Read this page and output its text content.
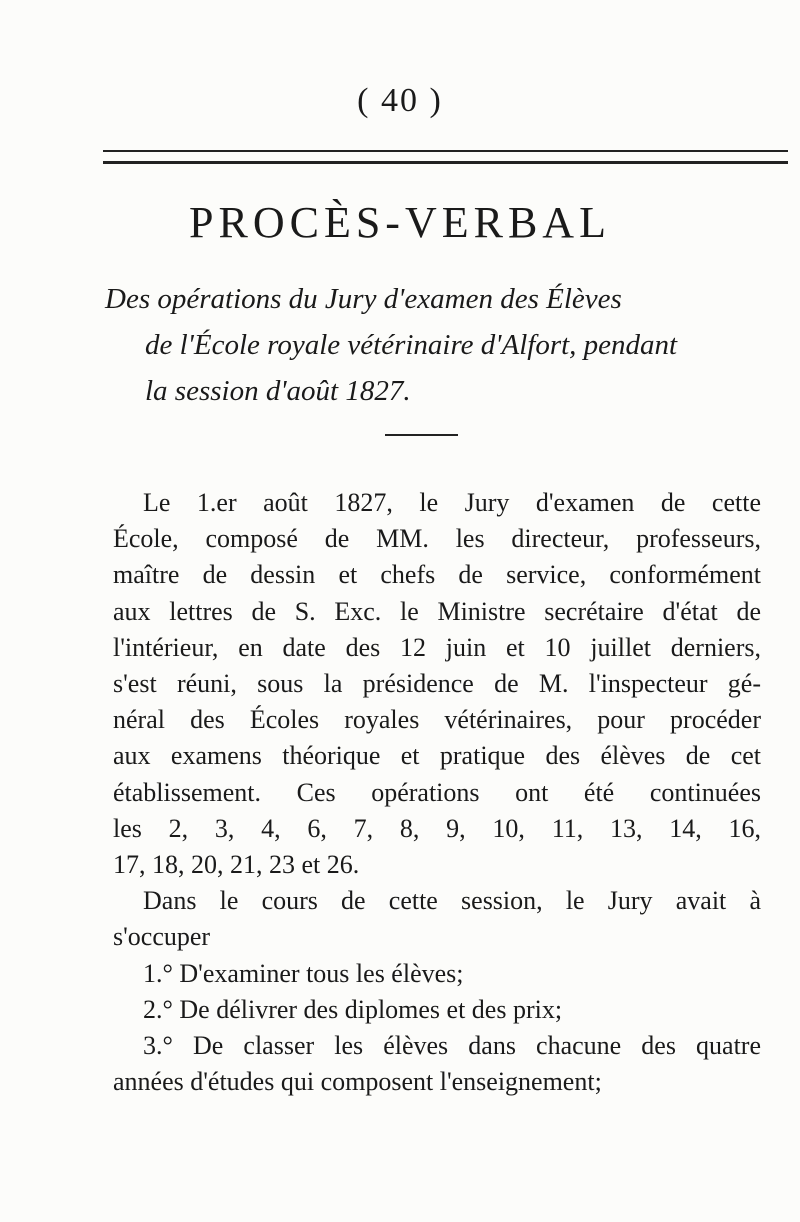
( 40 )
PROCÈS-VERBAL
Des opérations du Jury d'examen des Élèves
de l'École royale vétérinaire d'Alfort, pendant
la session d'août 1827.

Le 1.er août 1827, le Jury d'examen de cette
École, composé de MM. les directeur, professeurs,
maître de dessin et chefs de service, conformément
aux lettres de S. Exc. le Ministre secrétaire d'état de
l'intérieur, en date des 12 juin et 10 juillet derniers,
s'est réuni, sous la présidence de M. l'inspecteur gé-
néral des Écoles royales vétérinaires, pour procéder
aux examens théorique et pratique des élèves de cet
établissement. Ces opérations ont été continuées
les 2, 3, 4, 6, 7, 8, 9, 10, 11, 13, 14, 16,
17, 18, 20, 21, 23 et 26.

Dans le cours de cette session, le Jury avait à
s'occuper

1.° D'examiner tous les élèves;
2.° De délivrer des diplomes et des prix;
3.° De classer les élèves dans chacune des quatre
années d'études qui composent l'enseignement;
